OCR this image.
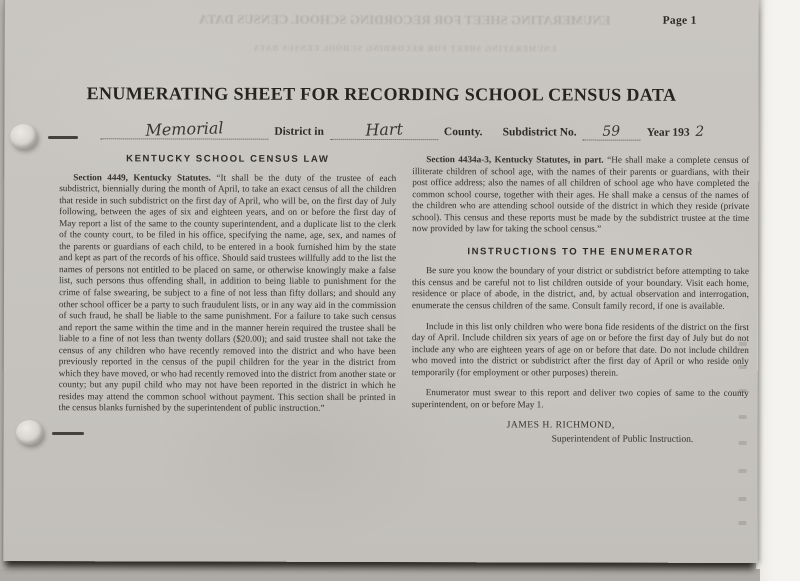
ENUMERATING SHEET FOR RECORDING SCHOOL CENSUS DATA
ENUMERATING SHEET FOR RECORDING SCHOOL CENSUS DATA
Page 1
ENUMERATING SHEET FOR RECORDING SCHOOL CENSUS DATA
Memorial	District in	Hart	County. Subdistrict No.	59	Year 193 2
KENTUCKY SCHOOL CENSUS LAW

Section 4449, Kentucky Statutes. “It shall be the duty of the trustee of each subdistrict, biennially during the month of April, to take an exact census of all the children that reside in such subdistrict on the first day of April, who will be, on the first day of July following, between the ages of six and eighteen years, and on or before the first day of May report a list of the same to the county superintendent, and a duplicate list to the clerk of the county court, to be filed in his office, specifying the name, age, sex, and names of the parents or guardians of each child, to be entered in a book furnished him by the state and kept as part of the records of his office. Should said trustees willfully add to the list the names of persons not entitled to be placed on same, or otherwise knowingly make a false list, such persons thus offending shall, in addition to being liable to punishment for the crime of false swearing, be subject to a fine of not less than fifty dollars; and should any other school officer be a party to such fraudulent lists, or in any way aid in the commission of such fraud, he shall be liable to the same punishment. For a failure to take such census and report the same within the time and in the manner herein required the trustee shall be liable to a fine of not less than twenty dollars ($20.00); and said trustee shall not take the census of any children who have recently removed into the district and who have been previously reported in the census of the pupil children for the year in the district from which they have moved, or who had recently removed into the district from another state or county; but any pupil child who may not have been reported in the district in which he resides may attend the common school without payment. This section shall be printed in the census blanks furnished by the superintendent of public instruction.”

Section 4434a-3, Kentucky Statutes, in part. “He shall make a complete census of illiterate children of school age, with the names of their parents or guardians, with their post office address; also the names of all children of school age who have completed the common school course, together with their ages. He shall make a census of the names of the children who are attending school outside of the district in which they reside (private school). This census and these reports must be made by the subdistrict trustee at the time now provided by law for taking the school census.”

INSTRUCTIONS TO THE ENUMERATOR

Be sure you know the boundary of your district or subdistrict before attempting to take this census and be careful not to list children outside of your boundary. Visit each home, residence or place of abode, in the district, and, by actual observation and interrogation, enumerate the census children of the same. Consult family record, if one is available.

Include in this list only children who were bona fide residents of the district on the first day of April. Include children six years of age on or before the first day of July but do not include any who are eighteen years of age on or before that date. Do not include children who moved into the district or subdistrict after the first day of April or who reside only temporarily (for employment or other purposes) therein.

Enumerator must swear to this report and deliver two copies of same to the county superintendent, on or before May 1.

JAMES H. RICHMOND,
Superintendent of Public Instruction.
